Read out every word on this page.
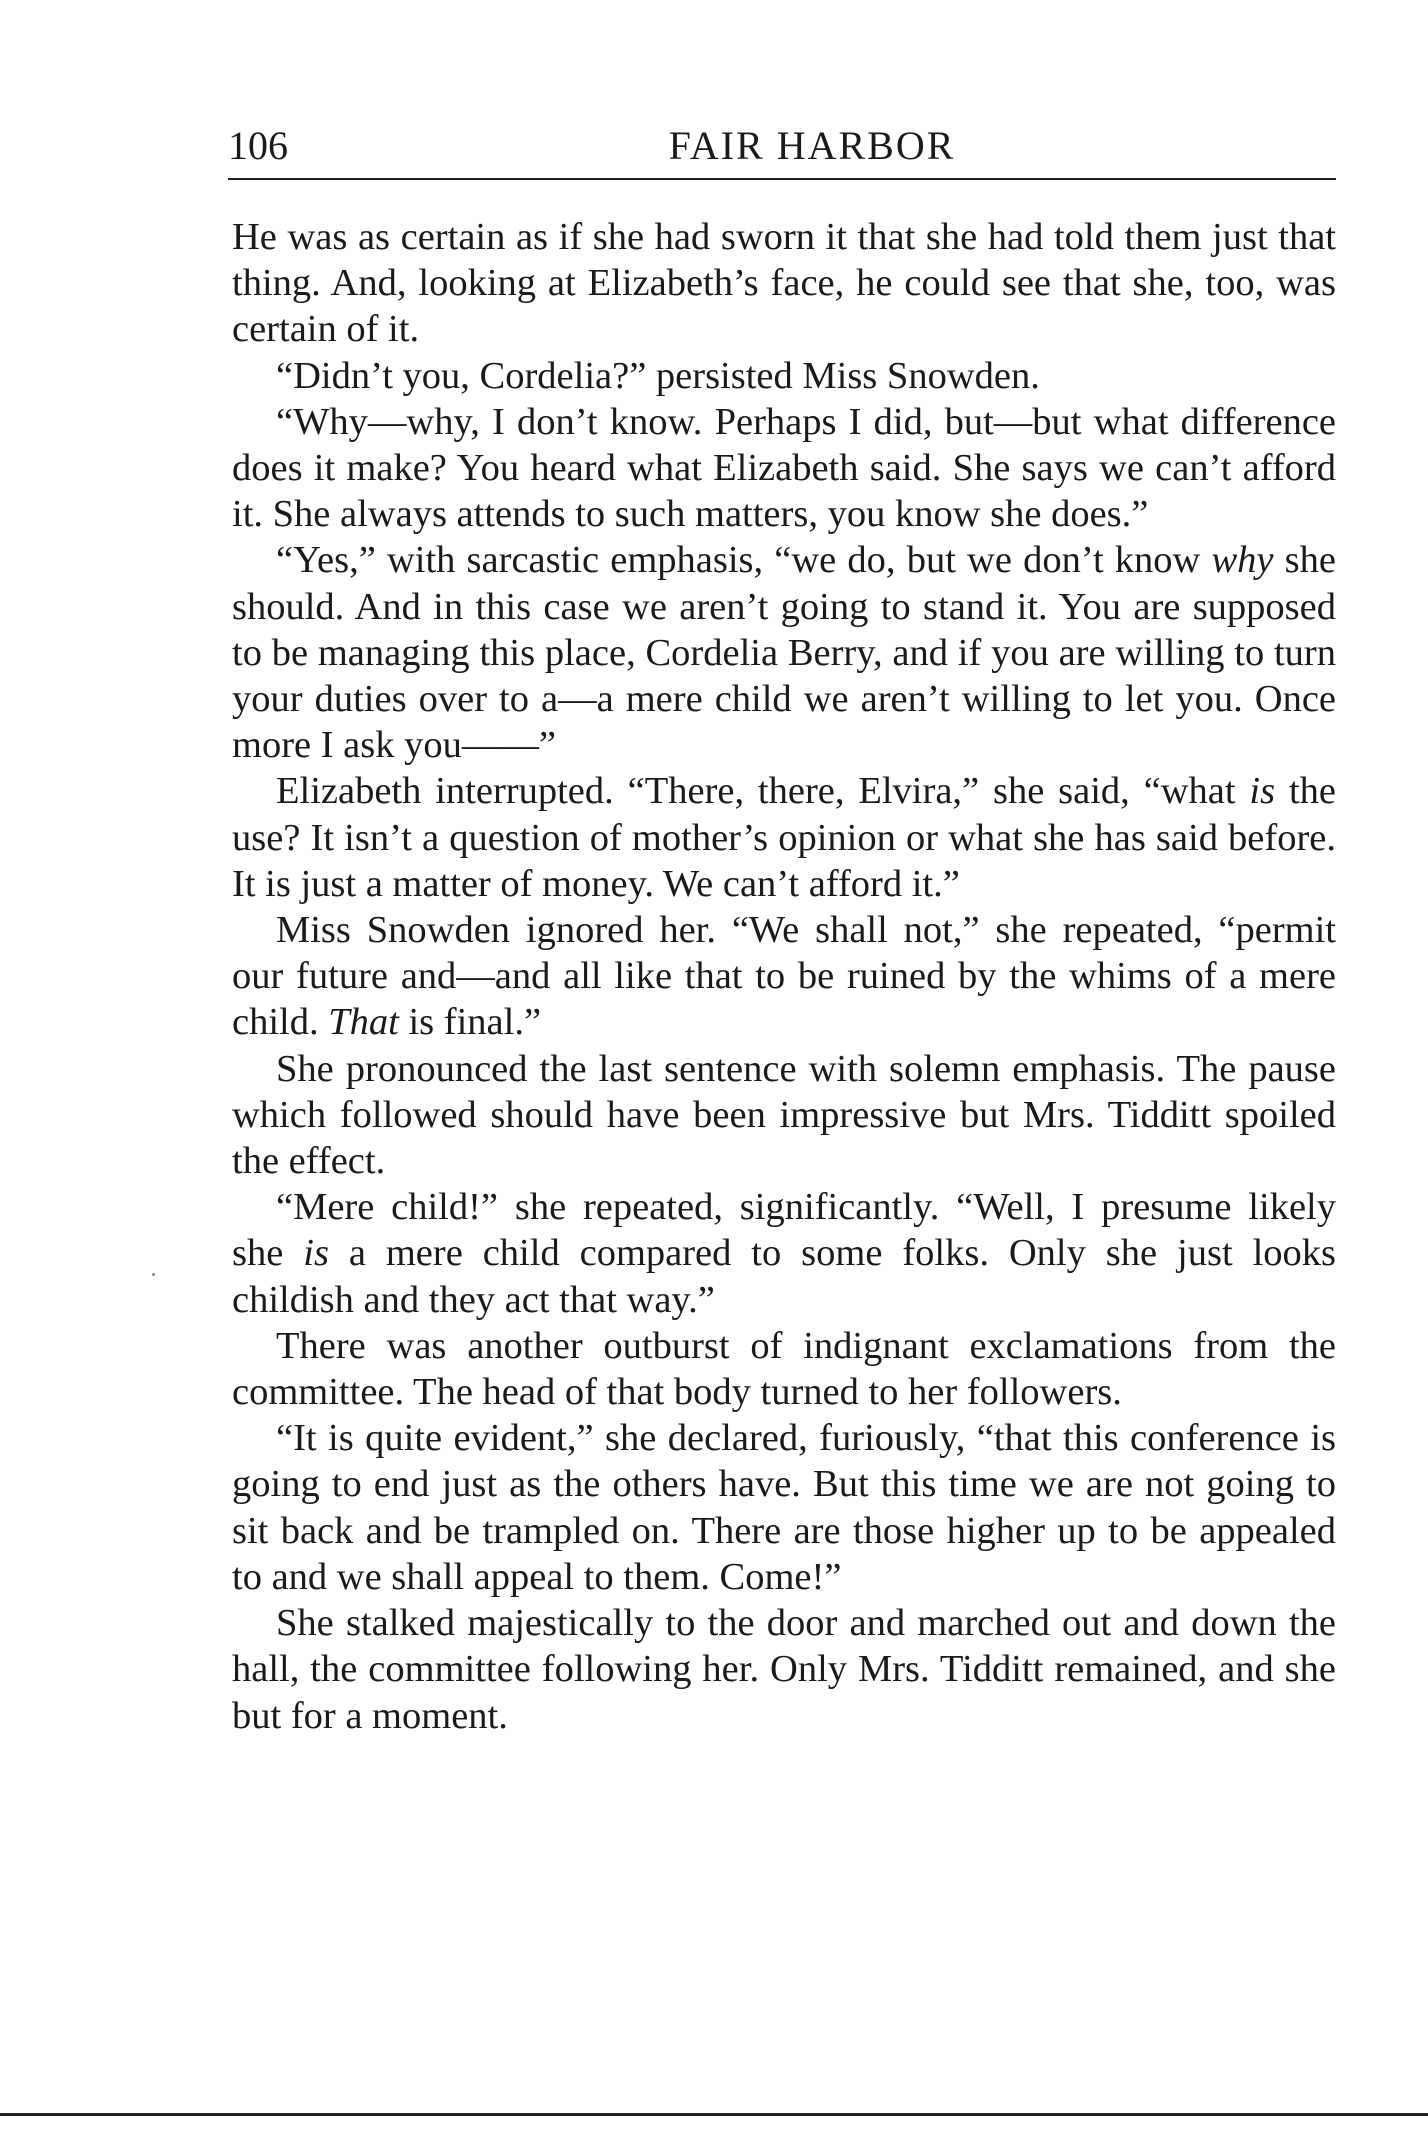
106	FAIR HARBOR

He was as certain as if she had sworn it that she had told them just that thing. And, looking at Elizabeth’s face, he could see that she, too, was certain of it.

“Didn’t you, Cordelia?” persisted Miss Snowden.

“Why—why, I don’t know. Perhaps I did, but—but what difference does it make? You heard what Elizabeth said. She says we can’t afford it. She always attends to such matters, you know she does.”

“Yes,” with sarcastic emphasis, “we do, but we don’t know why she should. And in this case we aren’t going to stand it. You are supposed to be managing this place, Cordelia Berry, and if you are willing to turn your duties over to a—a mere child we aren’t willing to let you. Once more I ask you——”

Elizabeth interrupted. “There, there, Elvira,” she said, “what is the use? It isn’t a question of mother’s opinion or what she has said before. It is just a matter of money. We can’t afford it.”

Miss Snowden ignored her. “We shall not,” she repeated, “permit our future and—and all like that to be ruined by the whims of a mere child. That is final.”

She pronounced the last sentence with solemn emphasis. The pause which followed should have been impressive but Mrs. Tidditt spoiled the effect.

“Mere child!” she repeated, significantly. “Well, I presume likely she is a mere child compared to some folks. Only she just looks childish and they act that way.”

There was another outburst of indignant exclamations from the committee. The head of that body turned to her followers.

“It is quite evident,” she declared, furiously, “that this conference is going to end just as the others have. But this time we are not going to sit back and be trampled on. There are those higher up to be appealed to and we shall appeal to them. Come!”

She stalked majestically to the door and marched out and down the hall, the committee following her. Only Mrs. Tidditt remained, and she but for a moment.
